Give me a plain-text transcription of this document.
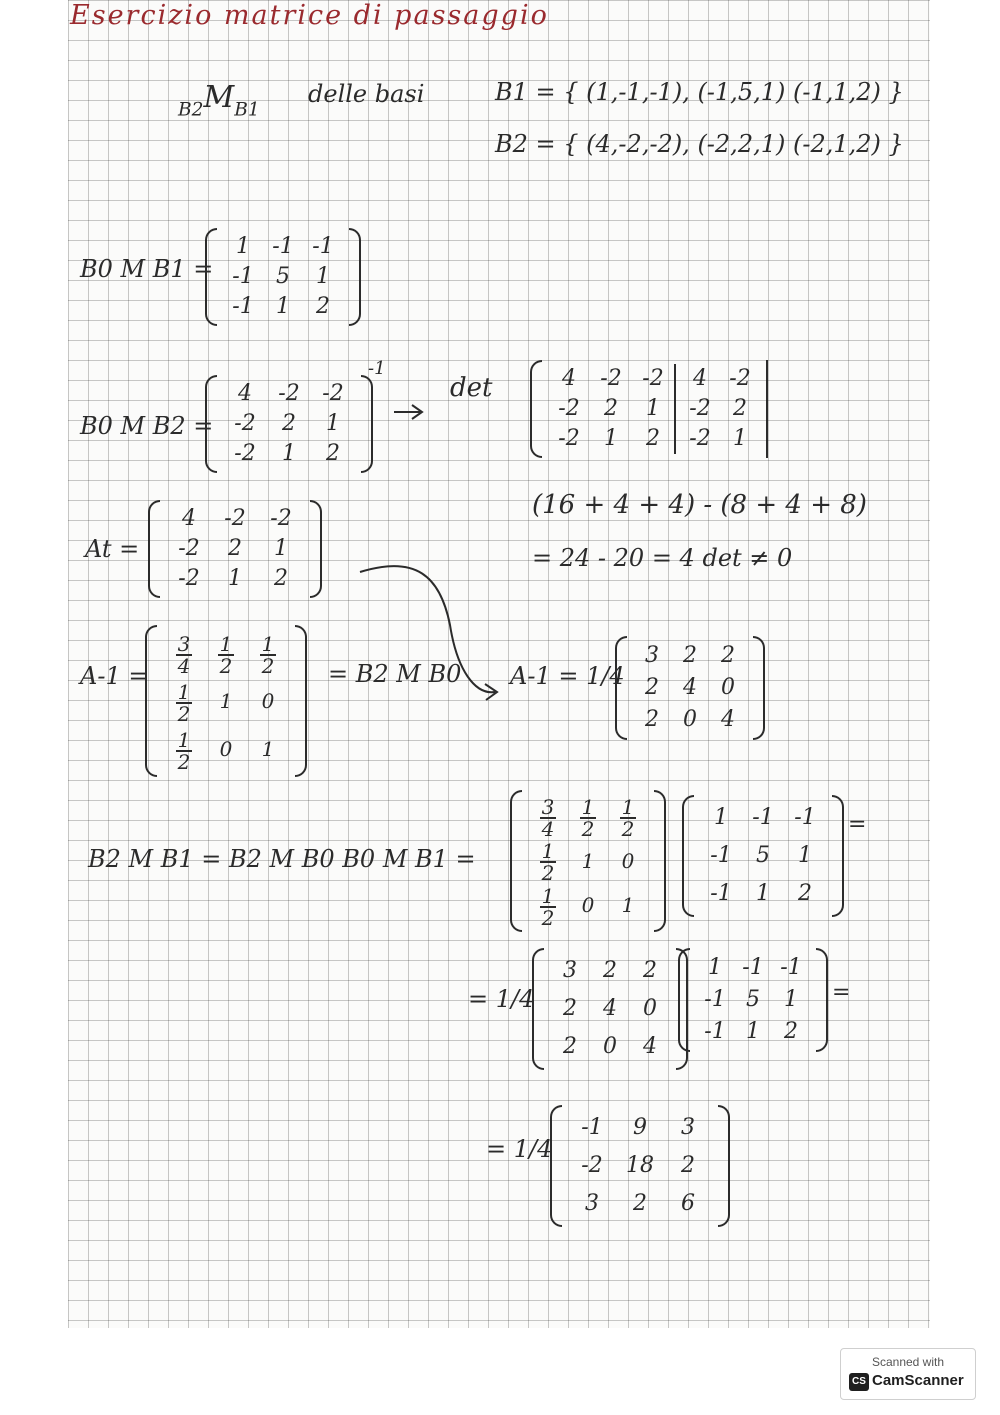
Esercizio matrice di passaggio
$_{B2}M_{B1}$
delle basi	B1 = { (1,-1,-1), (-1,5,1) (-1,1,2) }
B2 = { (4,-2,-2), (-2,2,1) (-2,1,2) }
B0 M B1 =
1	-1 -1
-1	5	1
-1	1	2
B0 M B2 =
4	-2	-2
-2	2	1
-2	1	2
-1
det	4	-2 -2	4	-2
-2	2	1	-2	2
-2	1	2	-2	1
(16 + 4 + 4) - (8 + 4 + 8)
= 24 - 20 = 4 det ≠ 0
At =
4	-2	-2
-2	2	1
-2	1	2
A-1 =
$\frac{3}{4} \frac{1}{2} \frac{1}{2}$
$\frac{1}{2}$	1	0
$\frac{1}{2}$	0	1
= B2 M B0 A-1 = 1/4
3	2	2
2	4	0
2	0	4
B2 M B1 = B2 M B0 B0 M B1 =
$\frac{3}{4} \frac{1}{2} \frac{1}{2}$
$\frac{1}{2}$	1	0
$\frac{1}{2}$	0	1
1	-1 -1
-1	5	1
-1	1	2
=
= 1/4
3	2	2
2	4	0
2	0	4
1 -1 -1
-1 5	1
-1 1	2
=
= 1/4
-1	9	3
-2	18	2
3	2	6
Scanned with
CS CamScanner
